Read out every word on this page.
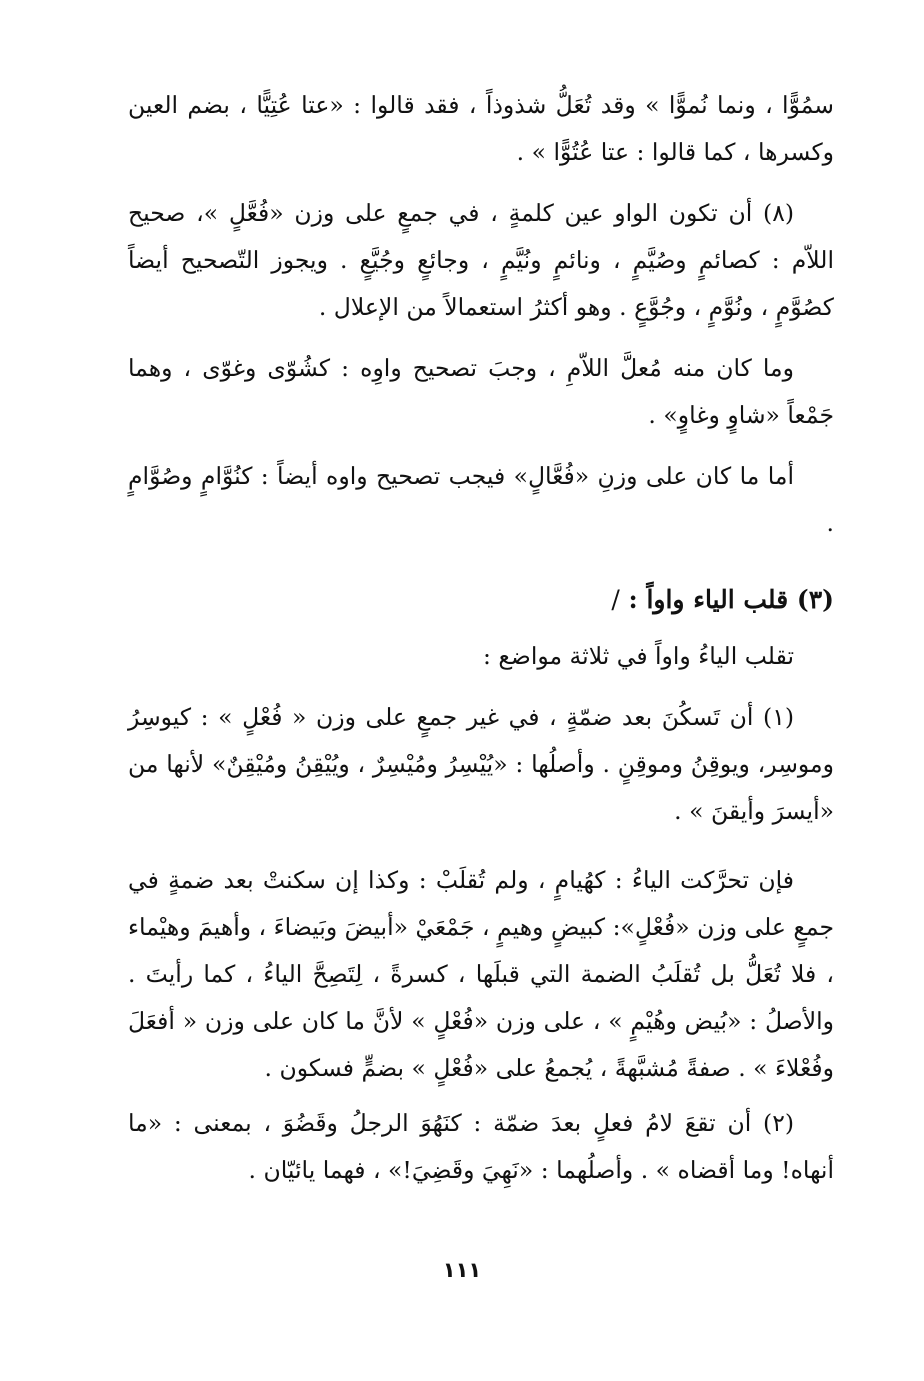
سمُوًّا ، ونما نُموًّا » وقد تُعَلُّ شذوذاً ، فقد قالوا : «عتا عُتِيًّا ، بضم العين وكسرها ، كما قالوا : عتا عُتُوًّا » .

(٨) أن تكون الواو عين كلمةٍ ، في جمعٍ على وزن «فُعَّلٍ »، صحيح اللاّم : كصائمٍ وصُيَّمٍ ، ونائمٍ ونُيَّمٍ ، وجائعٍ وجُيَّعٍ . ويجوز التّصحيح أيضاً كصُوَّمٍ ، ونُوَّمٍ ، وجُوَّعٍ . وهو أكثرُ استعمالاً من الإعلال .

وما كان منه مُعلَّ اللاّمِ ، وجبَ تصحيح واوِه : كشُوّى وغوّى ، وهما جَمْعاً «شاوٍ وغاوٍ» .

أما ما كان على وزنِ «فُعَّالٍ» فيجب تصحيح واوه أيضاً : كنُوَّامٍ وصُوَّامٍ .

(٣) قلب الياء واواً : /

تقلب الياءُ واواً في ثلاثة مواضع :

(١) أن تَسكُنَ بعد ضمّةٍ ، في غير جمعٍ على وزن « فُعْلٍ » : كيوسِرُ وموسِر، ويوقِنُ وموقِنٍ . وأصلُها : «يُيْسِرُ ومُيْسِرٌ ، ويُيْقِنُ ومُيْقِنٌ» لأنها من «أيسرَ وأيقنَ » .

فإن تحرَّكت الياءُ : كهُيامٍ ، ولم تُقلَبْ : وكذا إن سكنتْ بعد ضمةٍ في جمعٍ على وزن «فُعْلٍ»: كبيضٍ وهيمٍ ، جَمْعَيْ «أبيضَ وبَيضاءَ ، وأهيمَ وهيْماء ، فلا تُعَلُّ بل تُقلَبُ الضمة التي قبلَها ، كسرةً ، لِتَصِحَّ الياءُ ، كما رأيتَ . والأصلُ : «بُيض وهُيْمٍ » ، على وزن «فُعْلٍ » لأنَّ ما كان على وزن « أفعَلَ وفُعْلاءَ » . صفةً مُشبَّهةً ، يُجمعُ على «فُعْلٍ » بضمٍّ فسكون .

(٢) أن تقعَ لامُ فعلٍ بعدَ ضمّة : كنَهُوَ الرجلُ وقَضُوَ ، بمعنى : «ما أنهاه! وما أقضاه » . وأصلُهما : «نَهِيَ وقَضِيَ!» ، فهما يائيّان .

١١١
